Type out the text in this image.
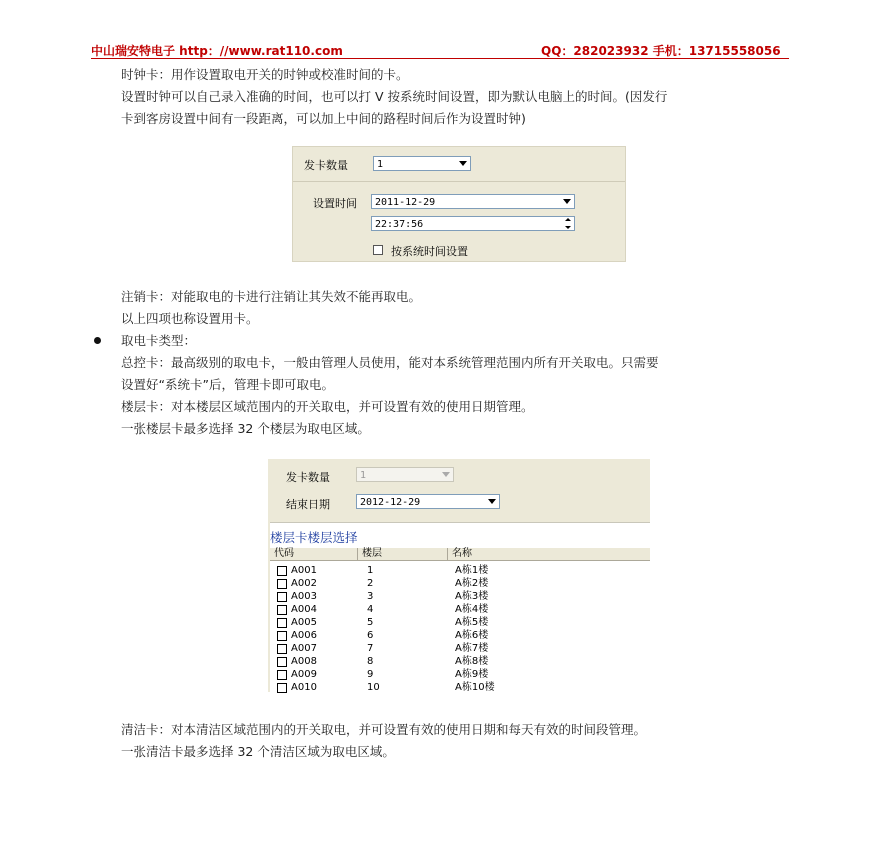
中山瑞安特电子 http：//www.rat110.com	QQ：282023932 手机：13715558056
时钟卡：用作设置取电开关的时钟或校准时间的卡。
设置时钟可以自己录入准确的时间，也可以打 V 按系统时间设置，即为默认电脑上的时间。(因发行
卡到客房设置中间有一段距离，可以加上中间的路程时间后作为设置时钟)
发卡数量	1
设置时间	2011-12-29
22:37:56
按系统时间设置
注销卡：对能取电的卡进行注销让其失效不能再取电。
以上四项也称设置用卡。
取电卡类型：
总控卡：最高级别的取电卡，一般由管理人员使用，能对本系统管理范围内所有开关取电。只需要
设置好“系统卡”后，管理卡即可取电。
楼层卡：对本楼层区域范围内的开关取电，并可设置有效的使用日期管理。
一张楼层卡最多选择 32 个楼层为取电区域。
发卡数量	1
结束日期	2012-12-29
楼层卡楼层选择
代码	楼层	名称
A001	1	A栋1楼
A002	2	A栋2楼
A003	3	A栋3楼
A004	4	A栋4楼
A005	5	A栋5楼
A006	6	A栋6楼
A007	7	A栋7楼
A008	8	A栋8楼
A009	9	A栋9楼
A010	10	A栋10楼
清洁卡：对本清洁区域范围内的开关取电，并可设置有效的使用日期和每天有效的时间段管理。
一张清洁卡最多选择 32 个清洁区域为取电区域。
